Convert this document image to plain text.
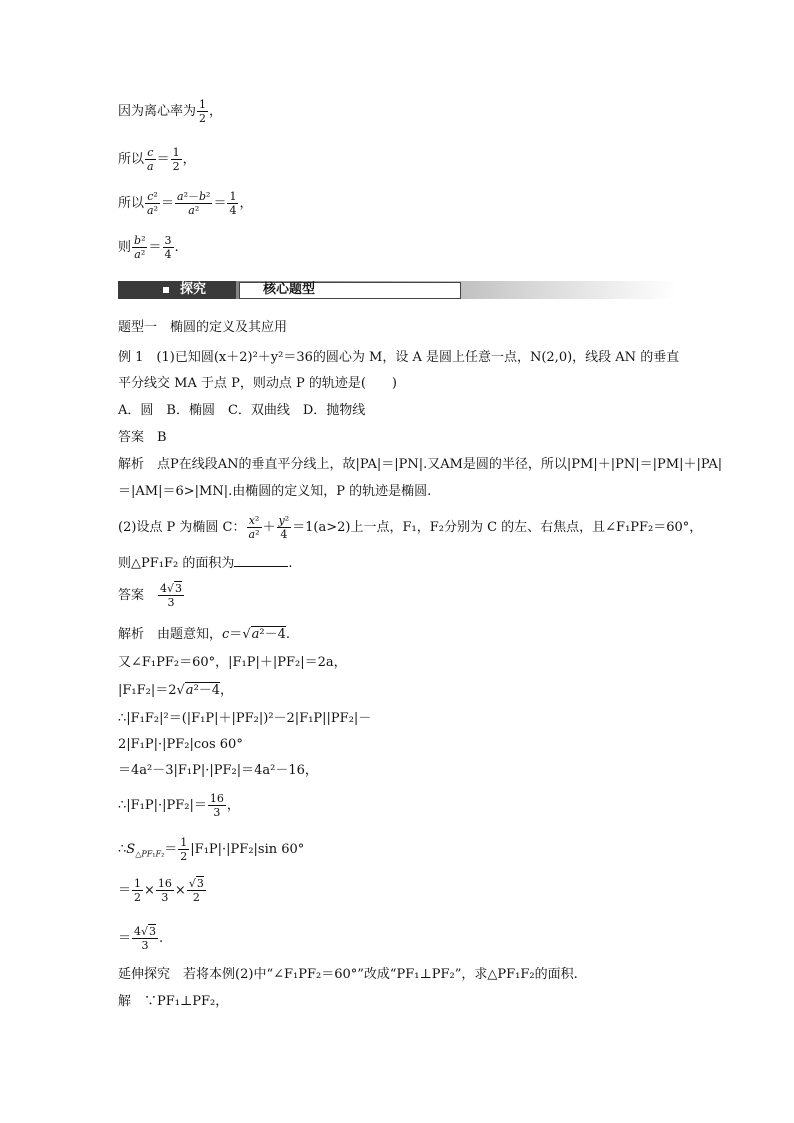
因为离心率为 $\frac{1}{2}$ ，
所以 $\frac{c}{a} = \frac{1}{2}$ ，
所以 $\frac{\text{c²}}{\text{a²}} = \frac{\text{a²－b²}}{\text{a²}} = \frac{1}{4}$ ，
则 $\frac{\text{b²}}{\text{a²}} = \frac{3}{4}$ .
探究	核心题型
题型一　椭圆的定义及其应用
例 1　(1)已知圆(x＋2)²＋y²＝36的圆心为 M，设 A 是圆上任意一点，N(2,0)，线段 AN 的垂直
平分线交 MA 于点 P，则动点 P 的轨迹是(　　)
A．圆　B．椭圆　C．双曲线　D．抛物线
答案　 B
解析　点P在线段AN的垂直平分线上，故|PA|＝|PN|.又AM是圆的半径，所以|PM|＋|PN|＝|PM|＋|PA|
＝|AM|＝6>|MN|.由椭圆的定义知，P 的轨迹是椭圆.
(2)设点 P 为椭圆 C： $\frac{\text{x²}}{\text{a²}} + \frac{\text{y²}}{4} =1(a>2)$上一点，F₁，F₂分别为 C 的左、右焦点，且∠F₁PF₂＝60°，
则△PF₁F₂ 的面积为	.
答案　 $\frac{4√3}{3}$
解析　由题意知，c＝√a²－4.
又∠F₁PF₂＝60°，|F₁P|＋|PF₂|＝2a，
|F₁F₂|＝2√a²－4，
∴|F₁F₂|²＝(|F₁P|＋|PF₂|)²－2|F₁P||PF₂|－
2|F₁P|·|PF₂|cos 60°
＝4a²－3|F₁P|·|PF₂|＝4a²－16，
∴|F₁P|·|PF₂|＝ $\frac{16}{3}$ ，
$\therefore S_{\triangle PF_1F_2}= \frac{1}{2} |F_1P|\cdot|PF_2|\sin$ 60°
＝ $\frac{1}{2} \times \frac{16}{3} \times \frac{√3}{2}$
＝ $\frac{4√3}{3}$ .
延伸探究　 若将本例(2)中“∠F₁PF₂＝60°”改成“PF₁⊥PF₂”，求△PF₁F₂的面积.
解　 ∵PF₁⊥PF₂，
